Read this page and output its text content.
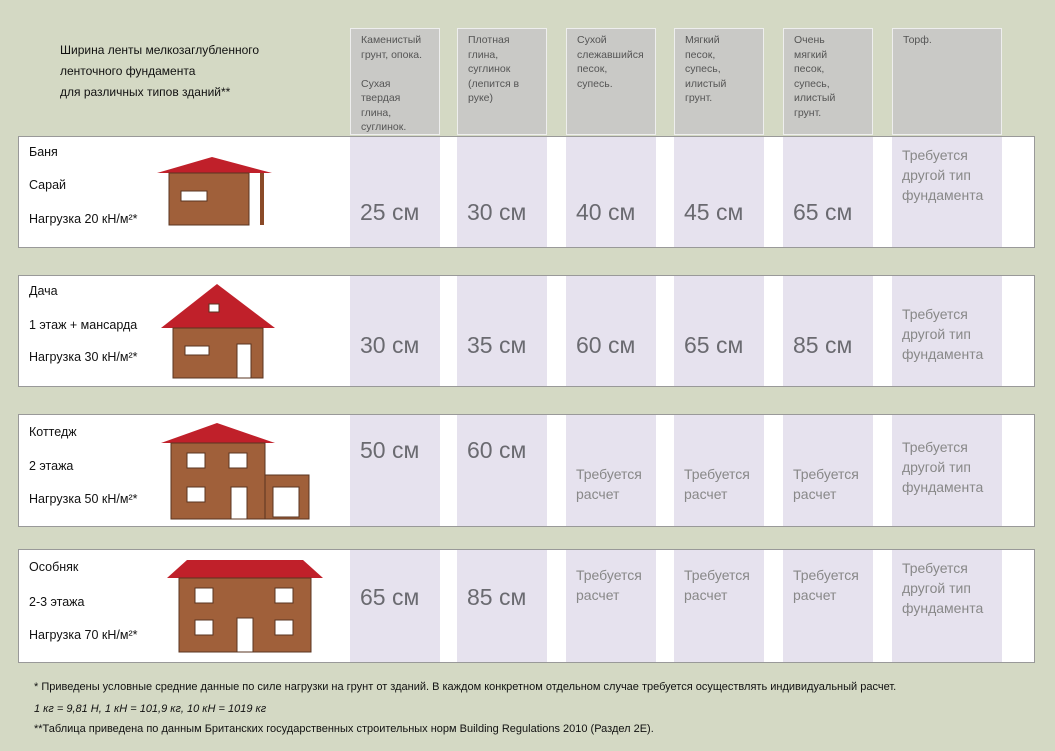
Ширина ленты мелкозаглубленного
ленточного фундамента
для различных типов зданий**
Каменистый
грунт, опока.

Сухая
твердая
глина,
суглинок.
Плотная
глина,
суглинок
(лепится в
руке)
Сухой
слежавшийся
песок,
супесь.
Мягкий
песок,
супесь,
илистый
грунт.
Очень
мягкий
песок,
супесь,
илистый
грунт.
Торф.
Баня
Сарай
Нагрузка 20 кН/м²*	25 см 30 см 40 см 45 см 65 см
Требуется
другой тип
фундамента
Дача
1 этаж + мансарда
Нагрузка 30 кН/м²*	30 см 35 см 60 см 65 см 85 см
Требуется
другой тип
фундамента
Коттедж
2 этажа
Нагрузка 50 кН/м²*
50 см 60 см
Требуется
расчет
Требуется
расчет
Требуется
расчет
Требуется
другой тип
фундамента
Особняк
2-3 этажа
Нагрузка 70 кН/м²*
65 см 85 см
Требуется
расчет
Требуется
расчет
Требуется
расчет
Требуется
другой тип
фундамента
* Приведены условные средние данные по силе нагрузки на грунт от зданий. В каждом конкретном отдельном случае требуется осуществлять индивидуальный расчет.
1 кг = 9,81 Н, 1 кН = 101,9 кг, 10 кН = 1019 кг
**Таблица приведена по данным Британских государственных строительных норм Building Regulations 2010 (Раздел 2Е).
